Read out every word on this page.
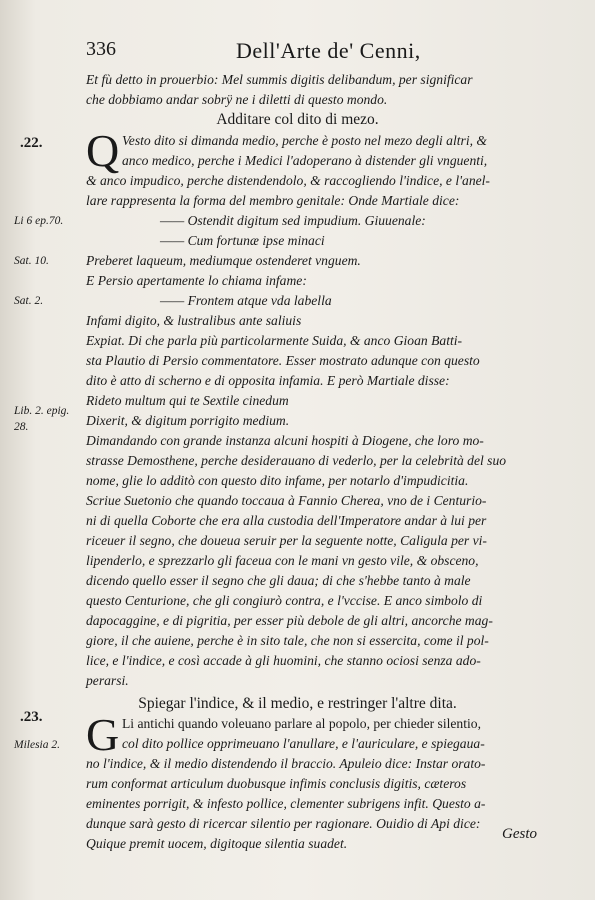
336	Dell'Arte de' Cenni,
Et fù detto in prouerbio: Mel summis digitis delibandum, per significar
che dobbiamo andar sobrÿ ne i diletti di questo mondo.
Additare col dito di mezo.
.22. Q Vesto dito si dimanda medio, perche è posto nel mezo degli altri, &
anco medico, perche i Medici l'adoperano à distender gli vnguenti,
& anco impudico, perche distendendolo, & raccogliendo l'indice, e l'anel-
lare rappresenta la forma del membro genitale: Onde Martiale dice:
—— Ostendit digitum sed impudium. Giuuenale:
—— Cum fortunæ ipse minaci
Preberet laqueum, mediumque ostenderet vnguem.
E Persio apertamente lo chiama infame:
—— Frontem atque vda labella
Infami digito, & lustralibus ante saliuis
Expiat. Di che parla più particolarmente Suida, & anco Gioan Batti-
sta Plautio di Persio commentatore. Esser mostrato adunque con questo
dito è atto di scherno e di opposita infamia. E però Martiale disse:
Rideto multum qui te Sextile cinedum
Dixerit, & digitum porrigito medium.
Dimandando con grande instanza alcuni hospiti à Diogene, che loro mo-
strasse Demosthene, perche desiderauano di vederlo, per la celebrità del suo
nome, glie lo additò con questo dito infame, per notarlo d'impudicitia.
Scriue Suetonio che quando toccaua à Fannio Cherea, vno de i Centurio-
ni di quella Coborte che era alla custodia dell'Imperatore andar à lui per
riceuer il segno, che doueua seruir per la seguente notte, Caligula per vi-
lipenderlo, e sprezzarlo gli faceua con le mani vn gesto vile, & obsceno,
dicendo quello esser il segno che gli daua; di che s'hebbe tanto à male
questo Centurione, che gli congiurò contra, e l'vccise. E anco simbolo di
dapocaggine, e di pigritia, per esser più debole de gli altri, ancorche mag-
giore, il che auiene, perche è in sito tale, che non si essercita, come il pol-
lice, e l'indice, e così accade à gli huomini, che stanno ociosi senza ado-
perarsi.
Li 6 ep.70.
Sat. 10.
Sat. 2.
Lib. 2. epig.
28.
Spiegar l'indice, & il medio, e restringer l'altre dita.
.23. G Li antichi quando voleuano parlare al popolo, per chieder silentio,
col dito pollice opprimeuano l'anullare, e l'auriculare, e spiegaua-
no l'indice, & il medio distendendo il braccio. Apuleio dice: Instar orato-
rum conformat articulum duobusque infimis conclusis digitis, cæteros
eminentes porrigit, & infesto pollice, clementer subrigens infit. Questo a-
dunque sarà gesto di ricercar silentio per ragionare. Ouidio di Api dice:
Quique premit uocem, digitoque silentia suadet.
Milesia 2.
Gesto
